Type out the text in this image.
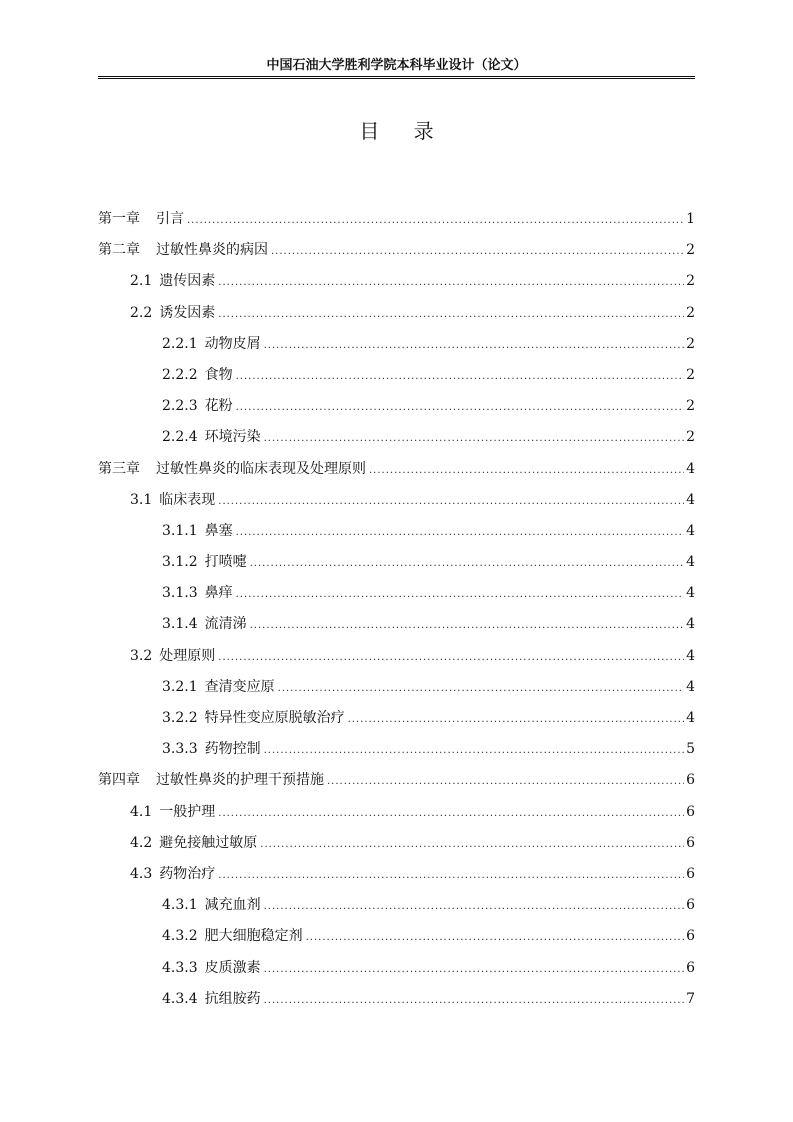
中国石油大学胜利学院本科毕业设计（论文）
目 录
第一章 引言 .....	1
第二章 过敏性鼻炎的病因 .....	2
2.1 遗传因素 .....	2
2.2 诱发因素 .....	2
2.2.1 动物皮屑 .....	2
2.2.2 食物 .....	2
2.2.3 花粉 .....	2
2.2.4 环境污染 .....	2
第三章 过敏性鼻炎的临床表现及处理原则 .....	4
3.1 临床表现 .....	4
3.1.1 鼻塞 .....	4
3.1.2 打喷嚏 .....	4
3.1.3 鼻痒 .....	4
3.1.4 流清涕 .....	4
3.2 处理原则 .....	4
3.2.1 查清变应原 .....	4
3.2.2 特异性变应原脱敏治疗 .....	4
3.3.3 药物控制 .....	5
第四章 过敏性鼻炎的护理干预措施 .....	6
4.1 一般护理 .....	6
4.2 避免接触过敏原 .....	6
4.3 药物治疗 .....	6
4.3.1 减充血剂 .....	6
4.3.2 肥大细胞稳定剂 .....	6
4.3.3 皮质激素 .....	6
4.3.4 抗组胺药 .....	7
